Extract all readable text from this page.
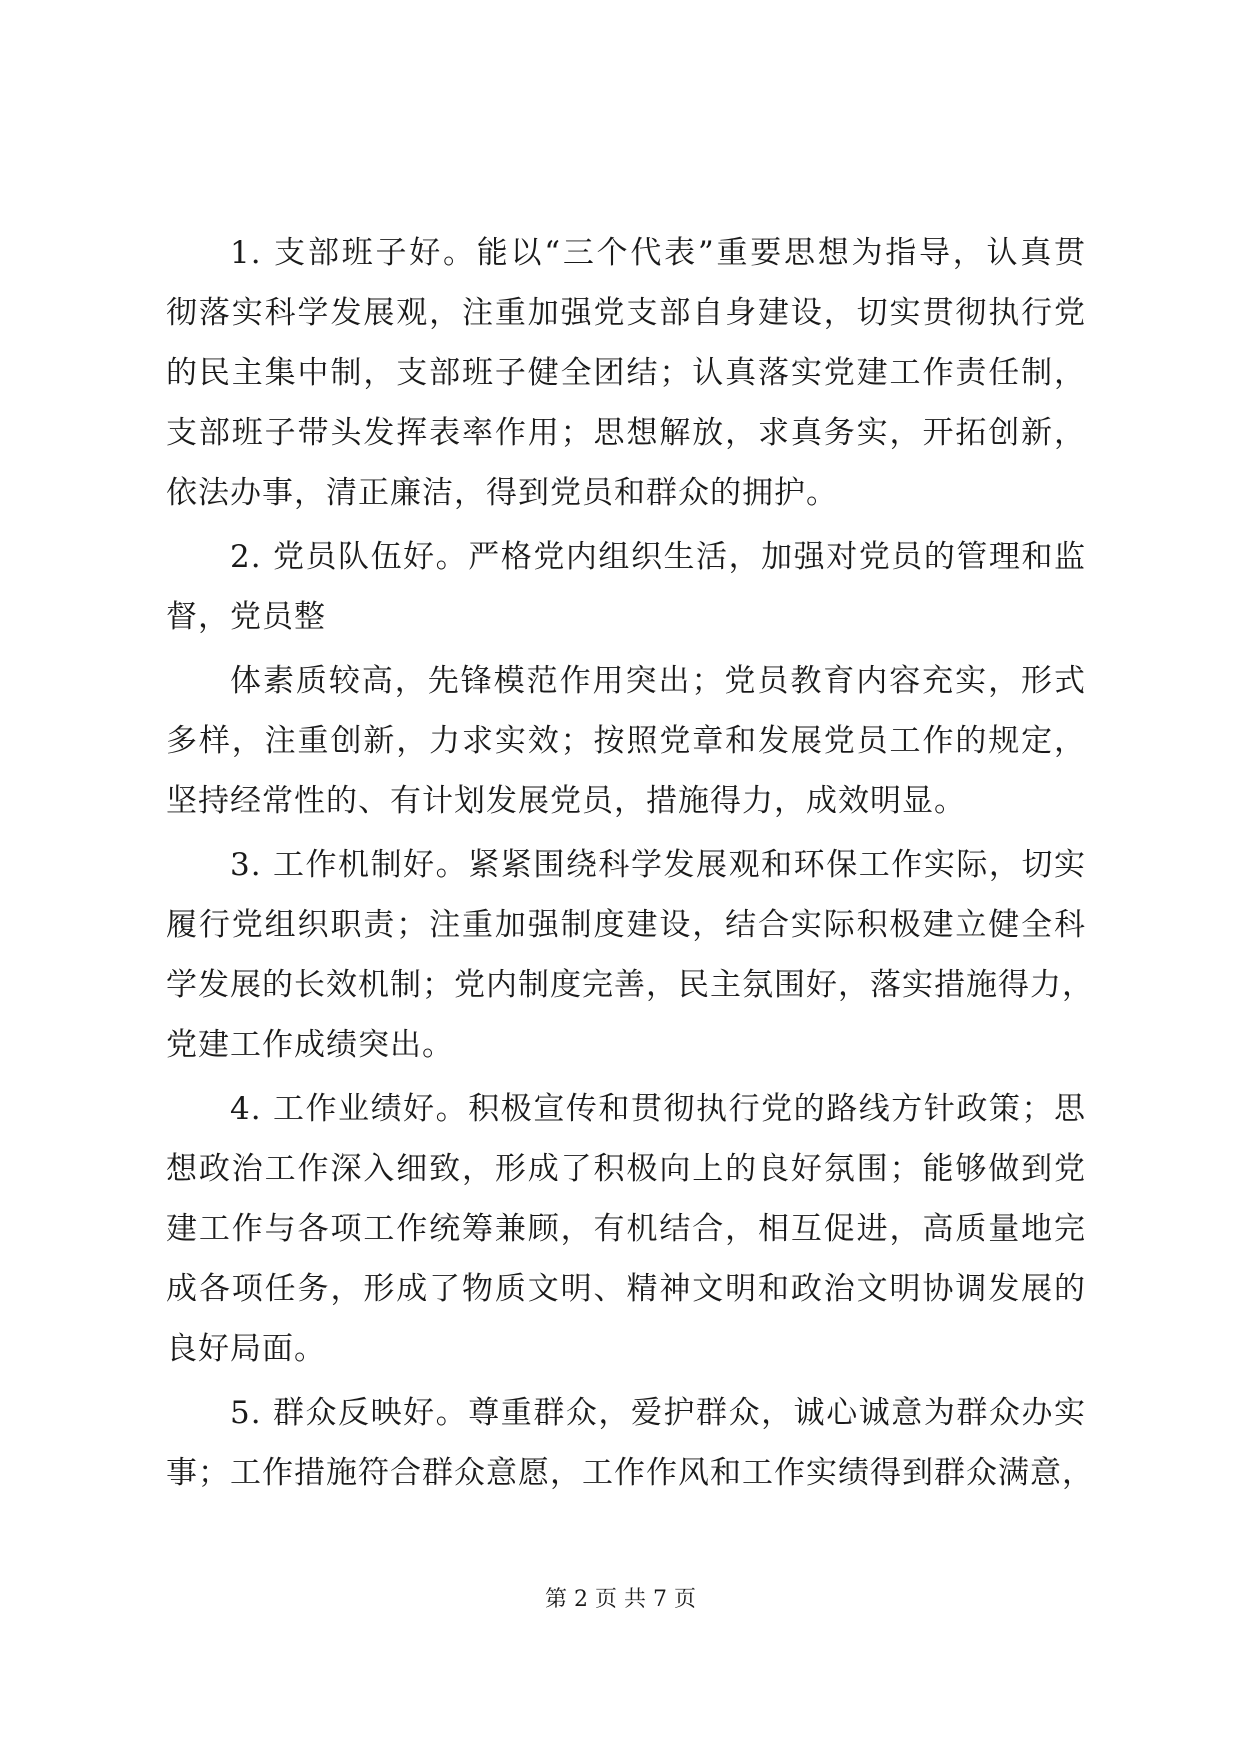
1. 支部班子好。能以“三个代表”重要思想为指导，认真贯
彻落实科学发展观，注重加强党支部自身建设，切实贯彻执行党
的民主集中制，支部班子健全团结；认真落实党建工作责任制，
支部班子带头发挥表率作用；思想解放，求真务实，开拓创新，
依法办事，清正廉洁，得到党员和群众的拥护。
2. 党员队伍好。严格党内组织生活，加强对党员的管理和监
督，党员整
体素质较高，先锋模范作用突出；党员教育内容充实，形式
多样，注重创新，力求实效；按照党章和发展党员工作的规定，
坚持经常性的、有计划发展党员，措施得力，成效明显。
3. 工作机制好。紧紧围绕科学发展观和环保工作实际，切实
履行党组织职责；注重加强制度建设，结合实际积极建立健全科
学发展的长效机制；党内制度完善，民主氛围好，落实措施得力，
党建工作成绩突出。
4. 工作业绩好。积极宣传和贯彻执行党的路线方针政策；思
想政治工作深入细致，形成了积极向上的良好氛围；能够做到党
建工作与各项工作统筹兼顾，有机结合，相互促进，高质量地完
成各项任务，形成了物质文明、精神文明和政治文明协调发展的
良好局面。
5. 群众反映好。尊重群众，爱护群众，诚心诚意为群众办实
事；工作措施符合群众意愿，工作作风和工作实绩得到群众满意，
第 2 页 共 7 页
